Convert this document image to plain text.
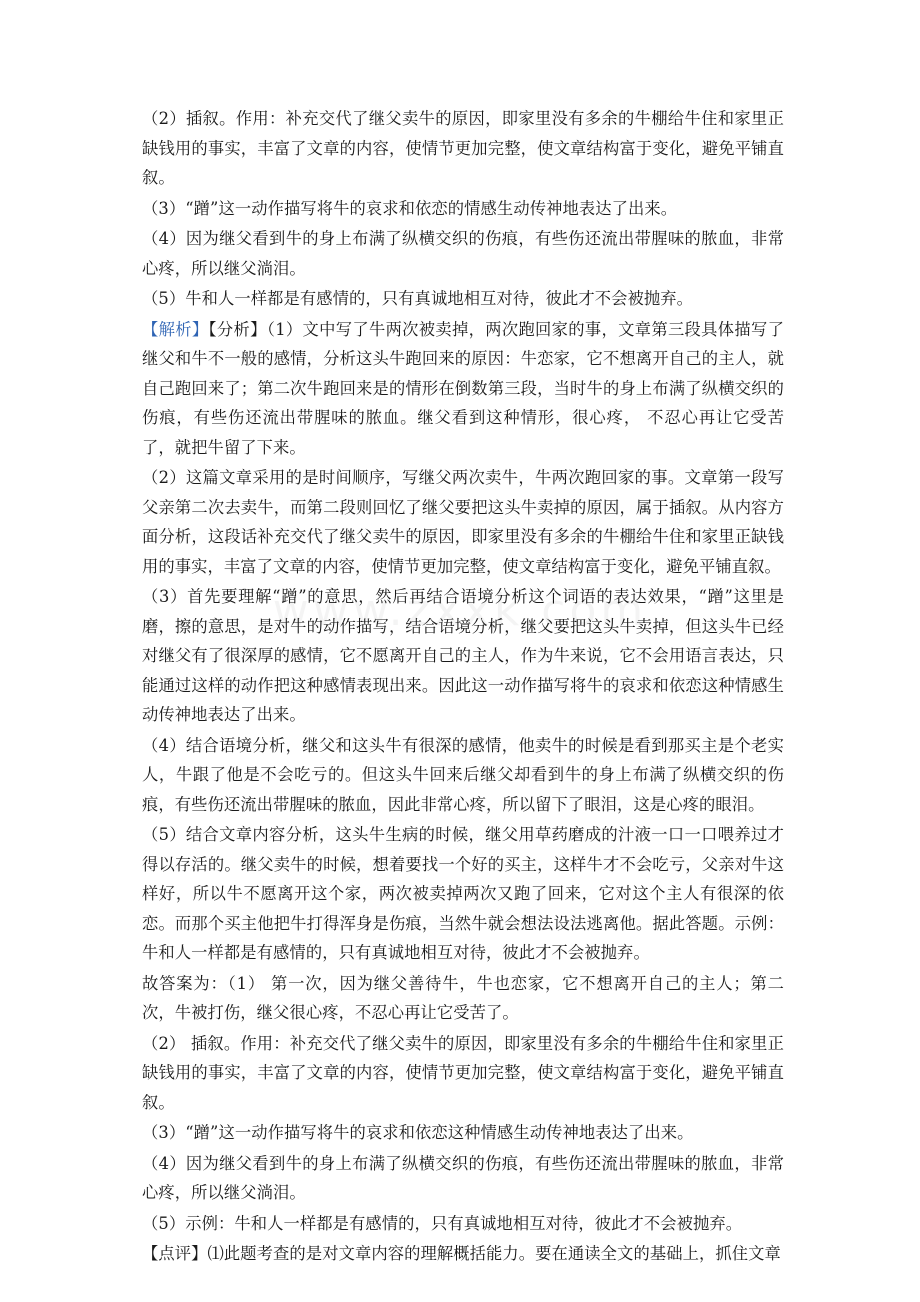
（2）插叙。作用：补充交代了继父卖牛的原因，即家里没有多余的牛棚给牛住和家里正缺钱用的事实，丰富了文章的内容，使情节更加完整，使文章结构富于变化，避免平铺直叙。

（3）“蹭”这一动作描写将牛的哀求和依恋的情感生动传神地表达了出来。

（4）因为继父看到牛的身上布满了纵横交织的伤痕，有些伤还流出带腥味的脓血，非常心疼，所以继父淌泪。

（5）牛和人一样都是有感情的，只有真诚地相互对待，彼此才不会被抛弃。

【解析】【分析】（1）文中写了牛两次被卖掉，两次跑回家的事，文章第三段具体描写了继父和牛不一般的感情，分析这头牛跑回来的原因：牛恋家，它不想离开自己的主人，就自己跑回来了；第二次牛跑回来是的情形在倒数第三段，当时牛的身上布满了纵横交织的伤痕，有些伤还流出带腥味的脓血。继父看到这种情形，很心疼， 不忍心再让它受苦了，就把牛留了下来。

（2）这篇文章采用的是时间顺序，写继父两次卖牛，牛两次跑回家的事。文章第一段写父亲第二次去卖牛，而第二段则回忆了继父要把这头牛卖掉的原因，属于插叙。从内容方面分析，这段话补充交代了继父卖牛的原因，即家里没有多余的牛棚给牛住和家里正缺钱用的事实，丰富了文章的内容，使情节更加完整，使文章结构富于变化，避免平铺直叙。

（3）首先要理解“蹭”的意思，然后再结合语境分析这个词语的表达效果，“蹭”这里是磨，擦的意思，是对牛的动作描写，结合语境分析，继父要把这头牛卖掉，但这头牛已经对继父有了很深厚的感情，它不愿离开自己的主人，作为牛来说，它不会用语言表达，只能通过这样的动作把这种感情表现出来。因此这一动作描写将牛的哀求和依恋这种情感生动传神地表达了出来。

（4）结合语境分析，继父和这头牛有很深的感情，他卖牛的时候是看到那买主是个老实人，牛跟了他是不会吃亏的。但这头牛回来后继父却看到牛的身上布满了纵横交织的伤痕，有些伤还流出带腥味的脓血，因此非常心疼，所以留下了眼泪，这是心疼的眼泪。

（5）结合文章内容分析，这头牛生病的时候，继父用草药磨成的汁液一口一口喂养过才得以存活的。继父卖牛的时候，想着要找一个好的买主，这样牛才不会吃亏，父亲对牛这样好，所以牛不愿离开这个家，两次被卖掉两次又跑了回来，它对这个主人有很深的依恋。而那个买主他把牛打得浑身是伤痕，当然牛就会想法设法逃离他。据此答题。示例：牛和人一样都是有感情的，只有真诚地相互对待，彼此才不会被抛弃。

故答案为：（1） 第一次，因为继父善待牛，牛也恋家，它不想离开自己的主人；第二次，牛被打伤，继父很心疼，不忍心再让它受苦了。

（2） 插叙。作用：补充交代了继父卖牛的原因，即家里没有多余的牛棚给牛住和家里正缺钱用的事实，丰富了文章的内容，使情节更加完整，使文章结构富于变化，避免平铺直叙。

（3）“蹭”这一动作描写将牛的哀求和依恋这种情感生动传神地表达了出来。

（4）因为继父看到牛的身上布满了纵横交织的伤痕，有些伤还流出带腥味的脓血，非常心疼，所以继父淌泪。

（5）示例：牛和人一样都是有感情的，只有真诚地相互对待，彼此才不会被抛弃。

【点评】⑴此题考查的是对文章内容的理解概括能力。要在通读全文的基础上，抓住文章
